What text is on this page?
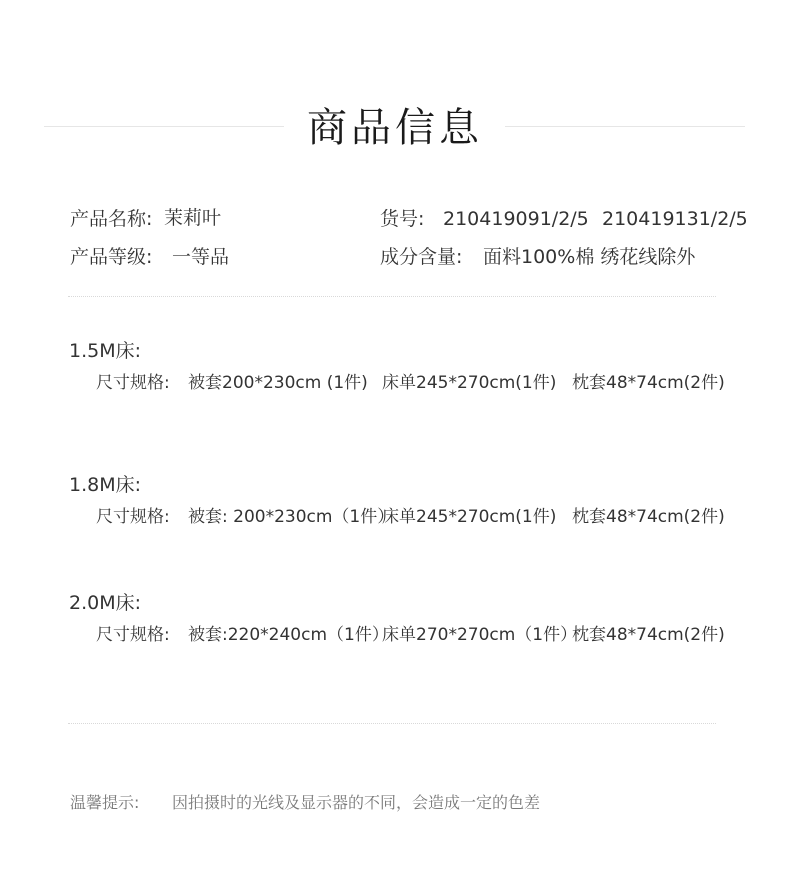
商品信息
产品名称: 茉莉叶	货号: 210419091/2/5 210419131/2/5
产品等级: 一等品	成分含量: 面料100%棉 绣花线除外
1.5M床:
尺寸规格: 被套200*230cm (1件) 床单245*270cm(1件) 枕套48*74cm(2件)
1.8M床:
尺寸规格: 被套: 200*230cm（1件）
床单245*270cm(1件) 枕套48*74cm(2件)
2.0M床:
尺寸规格: 被套:220*240cm（1件）
床单270*270cm（1件）
枕套48*74cm(2件)
温馨提示: 因拍摄时的光线及显示器的不同，会造成一定的色差
